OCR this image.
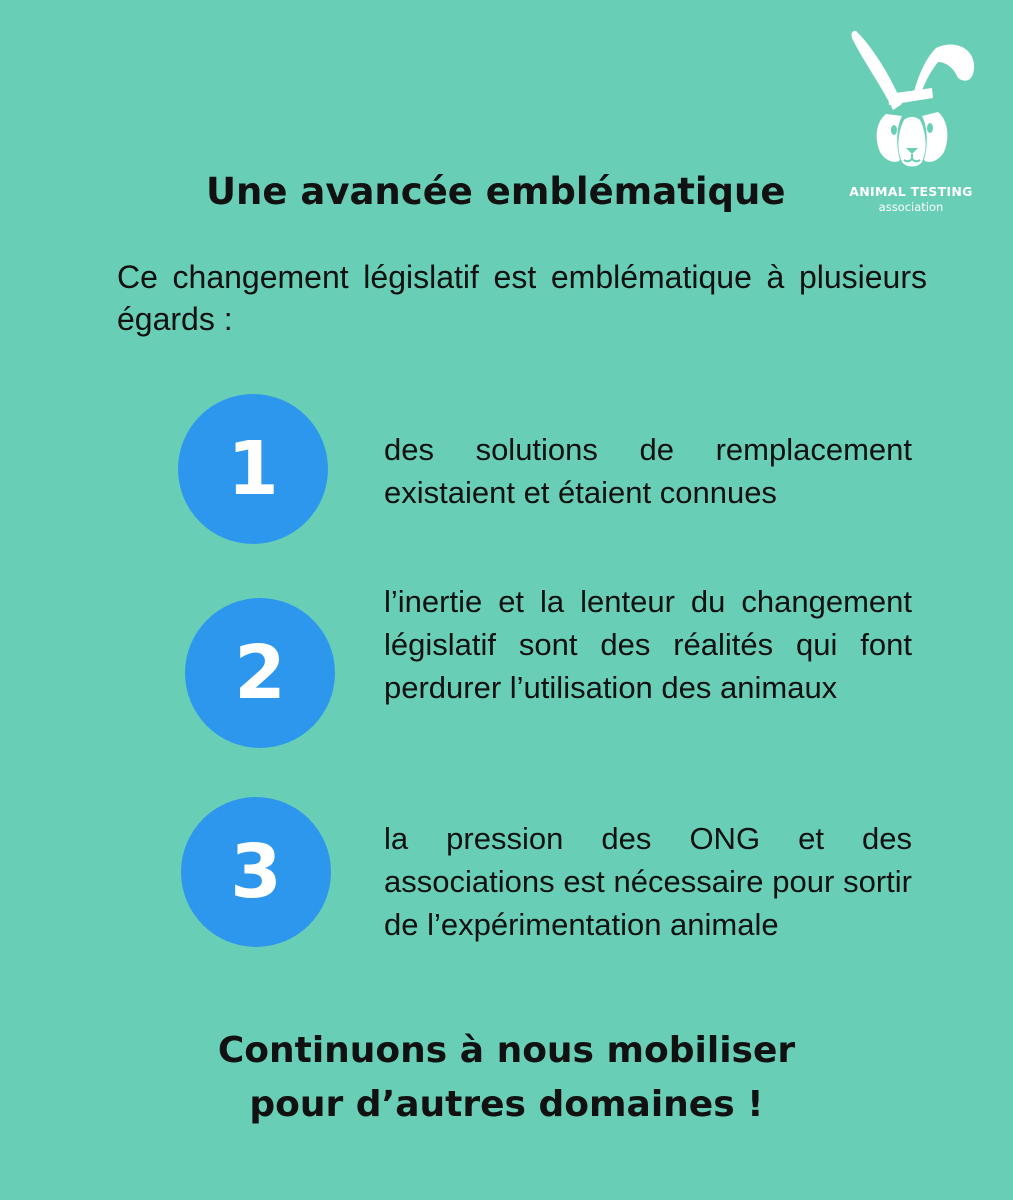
ANIMAL TESTING
association
Une avancée emblématique

Ce changement législatif est emblématique à plusieurs égards :

1	des solutions de remplacement existaient et étaient connues

2

l’inertie et la lenteur du changement législatif sont des réalités qui font perdurer l’utilisation des animaux

3	la pression des ONG et des associations est nécessaire pour sortir de l’expérimentation animale

Continuons à nous mobiliser
pour d’autres domaines !
